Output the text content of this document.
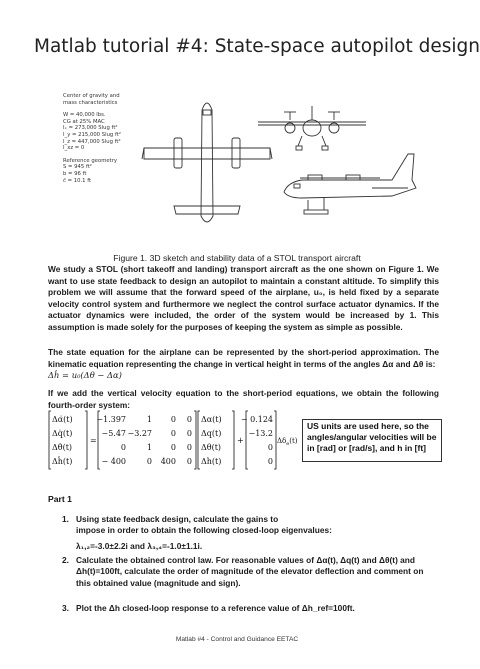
Matlab tutorial #4: State-space autopilot design
Center of gravity and
mass characteristics
W = 40,000 lbs.
CG at 25% MAC
Iₓ = 273,000 Slug ft²
I_y = 215,000 Slug ft²
I_z = 447,000 Slug ft²
I_xz = 0
Reference geometry
S = 945 ft²
b = 96 ft
c̄ = 10.1 ft
Figure 1. 3D sketch and stability data of a STOL transport aircraft
We study a STOL (short takeoff and landing) transport aircraft as the one shown on Figure 1. We want to use state feedback to design an autopilot to maintain a constant altitude. To simplify this problem we will assume that the forward speed of the airplane, u₀, is held fixed by a separate velocity control system and furthermore we neglect the control surface actuator dynamics. If the actuator dynamics were included, the order of the system would be increased by 1. This assumption is made solely for the purposes of keeping the system as simple as possible.
The state equation for the airplane can be represented by the short-period approximation. The kinematic equation representing the change in vertical height in terms of the angles Δα and Δθ is:
Δḣ = u₀(Δθ − Δα)
If we add the vertical velocity equation to the short-period equations, we obtain the following fourth-order system:
Δα̇(t)
Δq̇(t)
Δθ̇(t)
Δḣ(t)
=
−1.397	1 0 0
−5.47 −3.27 0 0
0	1 0 0
− 400	0 400 0
Δα(t)
Δq(t)
Δθ(t)
Δh(t)
+
− 0.124
−13.2
0
0
$\Delta\delta_e(t)$
US units are used here, so the angles/angular velocities will be in [rad] or [rad/s], and h in [ft]
Part 1
1. Using state feedback design, calculate the gains to
impose in order to obtain the following closed-loop eigenvalues:
λ₁,₂=-3.0±2.2i and λ₃,₄=-1.0±1.1i.
2. Calculate the obtained control law. For reasonable values of Δα(t), Δq(t) and Δθ(t) and Δh(t)=100ft, calculate the order of magnitude of the elevator deflection and comment on this obtained value (magnitude and sign).
3. Plot the Δh closed-loop response to a reference value of Δh_ref=100ft.
Matlab #4 - Control and Guidance EETAC
